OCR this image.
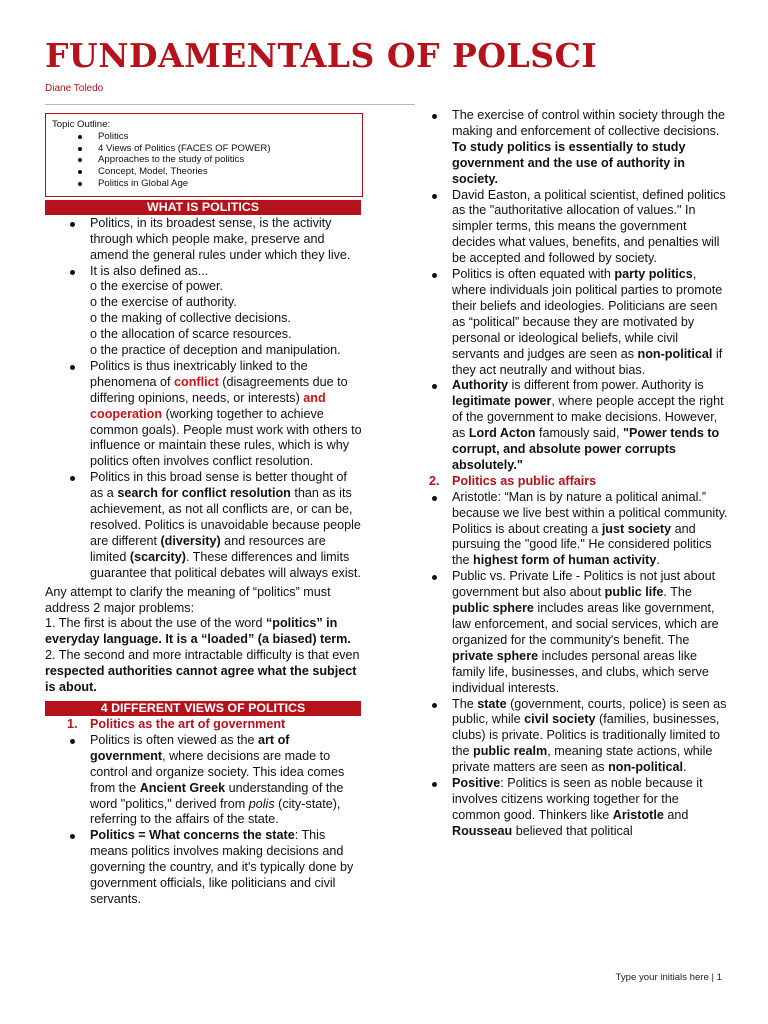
FUNDAMENTALS OF POLSCI
Diane Toledo
Topic Outline:
Politics
4 Views of Politics (FACES OF POWER)
Approaches to the study of politics
Concept, Model, Theories
Politics in Global Age
WHAT IS POLITICS
Politics, in its broadest sense, is the activity through which people make, preserve and amend the general rules under which they live.
It is also defined as...
o the exercise of power.
o the exercise of authority.
o the making of collective decisions.
o the allocation of scarce resources.
o the practice of deception and manipulation.
Politics is thus inextricably linked to the phenomena of conflict (disagreements due to differing opinions, needs, or interests) and cooperation (working together to achieve common goals). People must work with others to influence or maintain these rules, which is why politics often involves conflict resolution.
Politics in this broad sense is better thought of as a search for conflict resolution than as its achievement, as not all conflicts are, or can be, resolved. Politics is unavoidable because people are different (diversity) and resources are limited (scarcity). These differences and limits guarantee that political debates will always exist.

Any attempt to clarify the meaning of “politics” must address 2 major problems:

1. The first is about the use of the word “politics” in everyday language. It is a “loaded” (a biased) term.

2. The second and more intractable difficulty is that even respected authorities cannot agree what the subject is about.

4 DIFFERENT VIEWS OF POLITICS
1. Politics as the art of government
Politics is often viewed as the art of government, where decisions are made to control and organize society. This idea comes from the Ancient Greek understanding of the word "politics," derived from polis (city-state), referring to the affairs of the state.
Politics = What concerns the state: This means politics involves making decisions and governing the country, and it's typically done by government officials, like politicians and civil servants.
The exercise of control within society through the making and enforcement of collective decisions. To study politics is essentially to study government and the use of authority in society.
David Easton, a political scientist, defined politics as the "authoritative allocation of values." In simpler terms, this means the government decides what values, benefits, and penalties will be accepted and followed by society.
Politics is often equated with party politics, where individuals join political parties to promote their beliefs and ideologies. Politicians are seen as “political” because they are motivated by personal or ideological beliefs, while civil servants and judges are seen as non-political if they act neutrally and without bias.
Authority is different from power. Authority is legitimate power, where people accept the right of the government to make decisions. However, as Lord Acton famously said, "Power tends to corrupt, and absolute power corrupts absolutely."
2. Politics as public affairs
Aristotle: “Man is by nature a political animal.” because we live best within a political community. Politics is about creating a just society and pursuing the "good life." He considered politics the highest form of human activity.
Public vs. Private Life - Politics is not just about government but also about public life. The public sphere includes areas like government, law enforcement, and social services, which are organized for the community's benefit. The private sphere includes personal areas like family life, businesses, and clubs, which serve individual interests.
The state (government, courts, police) is seen as public, while civil society (families, businesses, clubs) is private. Politics is traditionally limited to the public realm, meaning state actions, while private matters are seen as non-political.
Positive: Politics is seen as noble because it involves citizens working together for the common good. Thinkers like Aristotle and Rousseau believed that political
Type your initials here | 1
